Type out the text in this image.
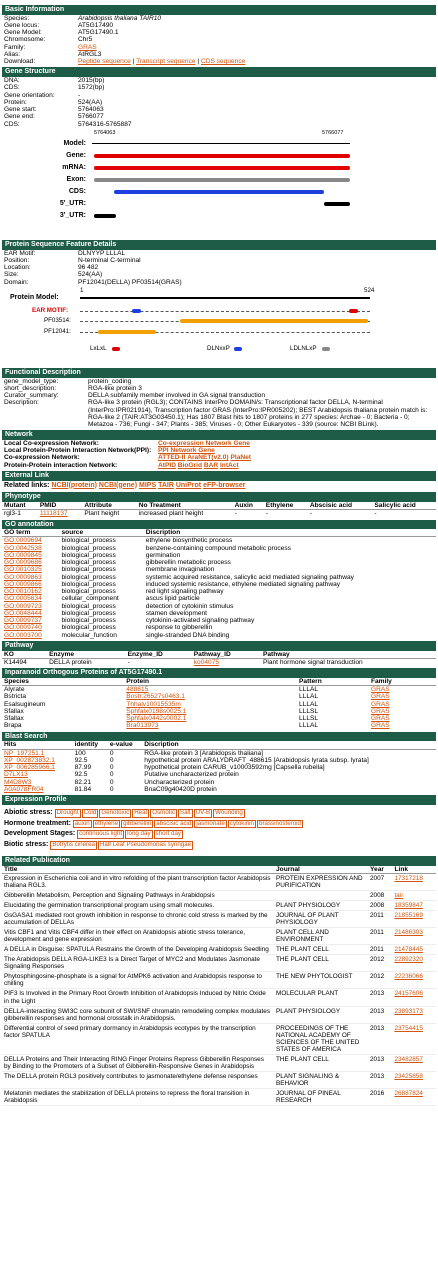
Basic Information
Species:	Arabidopsis thaliana TAIR10
Gene locus:	AT5G17490
Gene Model:	AT5G17490.1
Chromosome:	Chr5
Family:	GRAS
Alias:	AtRGL3
Download:	Peptide sequence | Transcript sequence | CDS sequence
Gene Structure
DNA:	2015(bp)
CDS:	1572(bp)
Gene orientation:	-
Protein:	524(AA)
Gene start:	5764063
Gene end:	5766077
CDS:	5764316-5765887
5764063	5766077
Model:
Gene:
mRNA:
Exon:
CDS:
5'_UTR:
3'_UTR:
Protein Sequence Feature Details
EAR Motif:	DLNYYP LLLAL
Position:	N-terminal C-terminal
Location:	96 482
Size:	524(AA)
Domain:	PF12041(DELLA) PF03514(GRAS)
Protein Model:
1	524
EAR MOTIF:
PF03514:
PF12041:
LxLxL	DLNxxP	LDLNLxP
Functional Description
gene_model_type:	protein_coding
short_description:	RGA-like protein 3
Curator_summary:	DELLA subfamily member involved in GA signal transduction
Description:	RGA-like 3 protein (RGL3); CONTAINS InterPro DOMAIN/s: Transcriptional factor DELLA, N-terminal (InterPro:IPR021914), Transcription factor GRAS (InterPro:IPR005202); BEST Arabidopsis thaliana protein match is: RGA-like 2 (TAIR:AT3G03450.1); Has 1807 Blast hits to 1807 proteins in 277 species: Archae - 0; Bacteria - 0; Metazoa - 736; Fungi - 347; Plants - 385; Viruses - 0; Other Eukaryotes - 339 (source: NCBI BLink).
Network
Local Co-expression Network:	Co-expression Network Gene
Local Protein-Protein Interaction Network(PPI):	PPI Network Gene
Co-expression Network:	ATTED-II AraNET(v2.0) PlaNet
Protein-Protein interaction Network:	AtPID BioGrid BAR IntAct
External Link
Related links: NCBI(protein) NCBI(gene) MIPS TAIR UniProt eFP-browser
Phynotype
Mutant	PMID	Attribute	No Treatment	Auxin	Ethylene	Abscisic acid	Salicylic acid
rgl3-1	11118137	Plant height	increased plant height	-	-	-	-
GO annotation
GO term	source	Discription
GO:0009694	biological_process	ethylene biosynthetic process
GO:0042538	biological_process	benzene-containing compound metabolic process
GO:0009845	biological_process	germination
GO:0009686	biological_process	gibberellin metabolic process
GO:0010325	biological_process	membrane invagination
GO:0009863	biological_process	systemic acquired resistance, salicylic acid mediated signaling pathway
GO:0009866	biological_process	induced systemic resistance, ethylene mediated signaling pathway
GO:0010162	biological_process	red light signaling pathway
GO:0005634	cellular_component	ascus lipid particle
GO:0009723	biological_process	detection of cytokinin stimulus
GO:0048444	biological_process	stamen development
GO:0009737	biological_process	cytokinin-activated signaling pathway
GO:0009740	biological_process	response to gibberellin
GO:0003700	molecular_function	single-stranded DNA binding
Pathway
KO	Enzyme	Enzyme_ID	Pathway_ID	Pathway
K14494	DELLA protein	-	ko04075	Plant hormone signal transduction
Inparanoid Orthogous Proteins of AT5G17490.1
Species	Protein	Pattern	Family
Alyrate	488615	LLLAL	GRAS
Bstricta	Bostr.26527s0463.1	LLLAL	GRAS
Esalsugineum	Thhalv10015535m	LLLAL	GRAS
Sfallax	Sphfalx0198s0025.1	LLLSL	GRAS
Sfallax	Sphfalx0442s0002.1	LLLSL	GRAS
Brapa	Bra013973	LLLAL	GRAS
Blast Search
Hits	identity	e-value	Discription
NP_197251.1	100	0	RGA-like protein 3 [Arabidopsis thaliana]
XP_002873832.1	92.5	0	hypothetical protein ARALYDRAFT_488615 [Arabidopsis lyrata subsp. lyrata]
XP_006285966.1	87.99	0	hypothetical protein CARUB_v10003592mg [Capsella rubella]
D7LX13	92.5	0	Putative uncharacterized protein
M4D8W3	82.21	0	Uncharacterized protein
A0A078FR04	81.84	0	BnaC09g40420D protein
Expression Profile
Abiotic stress: Drought Cold Genotoxic Heat Osmotic Salt UV-B Wounding
Hormone treatment: auxin ethylene gibberellin abscisic acid jasmonate cytokinin brassinosteroid
Development Stages: continuous light long day short day
Biotic stress: Botrytis cinerea Half Leaf Pseudomonas syringae
Related Publication
Title	Journal	Year	Link
Expression in Escherichia coli and in vitro refolding of the plant transcription factor Arabidopsis thaliana RGL3.	PROTEIN EXPRESSION AND PURIFICATION	2007	17317218
Gibberellin Metabolism, Perception and Signaling Pathways in Arabidopsis		2008	tair
Elucidating the germination transcriptional program using small molecules.	PLANT PHYSIOLOGY	2008	18359847
GsGASA1 mediated root growth inhibition in response to chronic cold stress is marked by the accumulation of DELLAs	JOURNAL OF PLANT PHYSIOLOGY	2011	21855169
Vitis CBF1 and Vitis CBF4 differ in their effect on Arabidopsis abiotic stress tolerance, development and gene expression	PLANT CELL AND ENVIRONMENT	2011	21486303
A DELLA in Disguise: SPATULA Restrains the Growth of the Developing Arabidopsis Seedling	THE PLANT CELL	2011	21478445
The Arabidopsis DELLA RGA-LIKE3 Is a Direct Target of MYC2 and Modulates Jasmonate Signaling Responses	THE PLANT CELL	2012	22892320
Phytosphingosine-phosphate is a signal for AtMPK6 activation and Arabidopsis response to chilling	THE NEW PHYTOLOGIST	2012	22236066
PIF3 Is Involved in the Primary Root Growth Inhibition of Arabidopsis Induced by Nitric Oxide in the Light	MOLECULAR PLANT	2013	24157606
DELLA-interacting SWI3C core subunit of SWI/SNF chromatin remodeling complex modulates gibberellin responses and hormonal crosstalk in Arabidopsis.	PLANT PHYSIOLOGY	2013	23893173
Differential control of seed primary dormancy in Arabidopsis ecotypes by the transcription factor SPATULA	PROCEEDINGS OF THE NATIONAL ACADEMY OF SCIENCES OF THE UNITED STATES OF AMERICA	2013	23754415
DELLA Proteins and Their Interacting RING Finger Proteins Repress Gibberellin Responses by Binding to the Promoters of a Subset of Gibberellin-Responsive Genes in Arabidopsis	THE PLANT CELL	2013	23482857
The DELLA protein RGL3 positively contributes to jasmonate/ethylene defense responses	PLANT SIGNALING & BEHAVIOR	2013	23425858
Melatonin mediates the stabilization of DELLA proteins to repress the floral transition in Arabidopsis	JOURNAL OF PINEAL RESEARCH	2016	26887824
